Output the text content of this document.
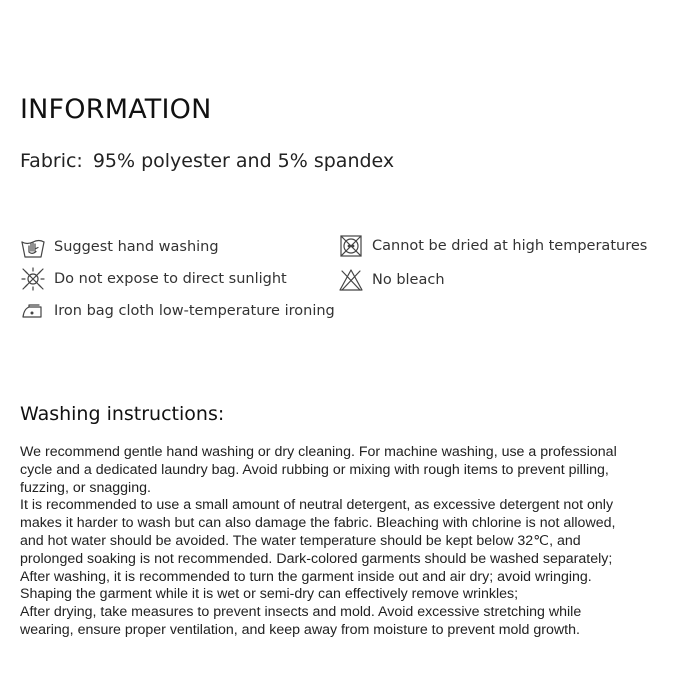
INFORMATION
Fabric: 95% polyester and 5% spandex
Suggest hand washing
Do not expose to direct sunlight
Iron bag cloth low-temperature ironing
Cannot be dried at high temperatures
No bleach
Washing instructions:
We recommend gentle hand washing or dry cleaning. For machine washing, use a professional
cycle and a dedicated laundry bag. Avoid rubbing or mixing with rough items to prevent pilling,
fuzzing, or snagging.
It is recommended to use a small amount of neutral detergent, as excessive detergent not only
makes it harder to wash but can also damage the fabric. Bleaching with chlorine is not allowed,
and hot water should be avoided. The water temperature should be kept below 32℃, and
prolonged soaking is not recommended. Dark-colored garments should be washed separately;
After washing, it is recommended to turn the garment inside out and air dry; avoid wringing.
Shaping the garment while it is wet or semi-dry can effectively remove wrinkles;
After drying, take measures to prevent insects and mold. Avoid excessive stretching while
wearing, ensure proper ventilation, and keep away from moisture to prevent mold growth.
